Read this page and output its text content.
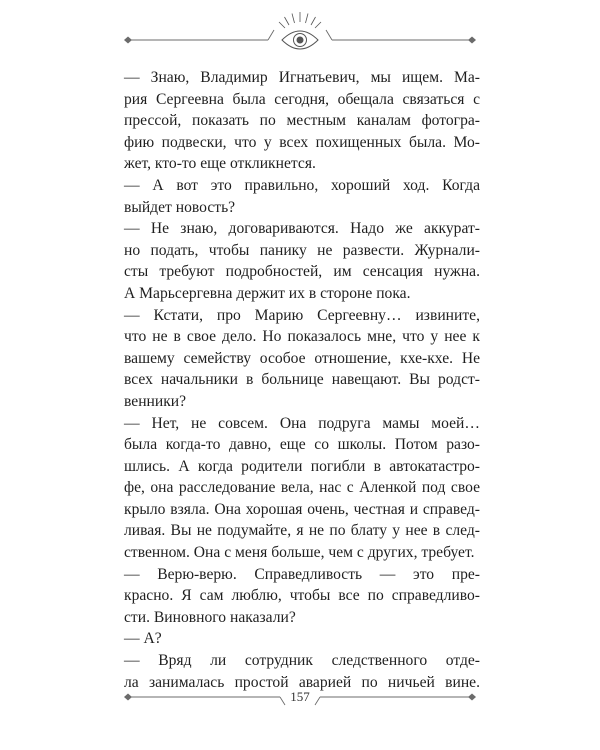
— Знаю, Владимир Игнатьевич, мы ищем. Ма-
рия Сергеевна была сегодня, обещала связаться с
прессой, показать по местным каналам фотогра-
фию подвески, что у всех похищенных была. Мо-
жет, кто-то еще откликнется.
— А вот это правильно, хороший ход. Когда
выйдет новость?
— Не знаю, договариваются. Надо же аккурат-
но подать, чтобы панику не развести. Журнали-
сты требуют подробностей, им сенсация нужна.
А Марьсергевна держит их в стороне пока.
— Кстати, про Марию Сергеевну… извините,
что не в свое дело. Но показалось мне, что у нее к
вашему семейству особое отношение, кхе-кхе. Не
всех начальники в больнице навещают. Вы родст-
венники?
— Нет, не совсем. Она подруга мамы моей…
была когда-то давно, еще со школы. Потом разо-
шлись. А когда родители погибли в автокатастро-
фе, она расследование вела, нас с Аленкой под свое
крыло взяла. Она хорошая очень, честная и справед-
ливая. Вы не подумайте, я не по блату у нее в след-
ственном. Она с меня больше, чем с других, требует.
— Верю-верю. Справедливость — это пре-
красно. Я сам люблю, чтобы все по справедливо-
сти. Виновного наказали?
— А?
— Вряд ли сотрудник следственного отде-
ла занималась простой аварией по ничьей вине.
157
